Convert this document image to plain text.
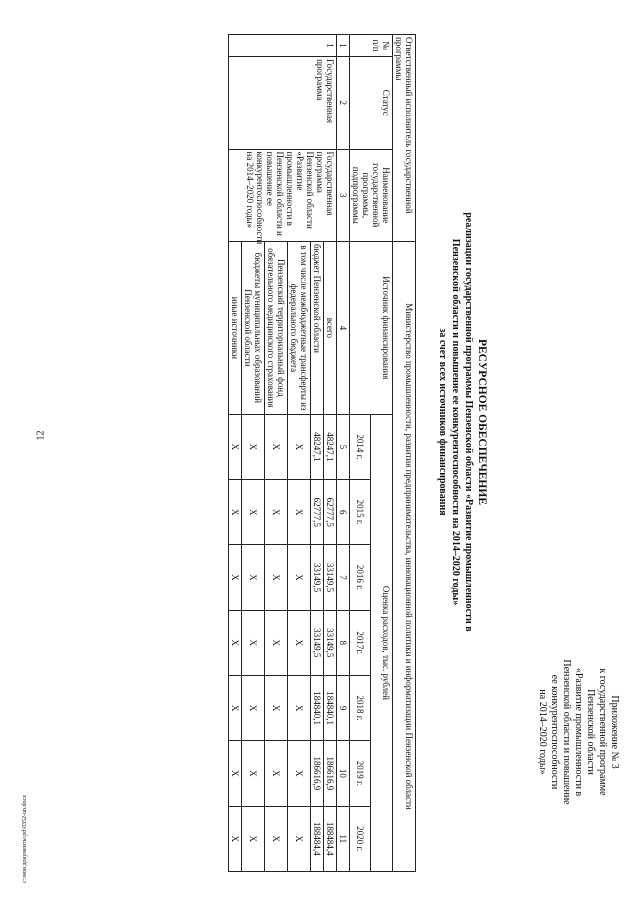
12
c:\мои документы\pd\0352-un.docx
Приложение № 3
к государственной программе
Пензенской области
«Развитие промышленности в
Пензенской области и повышение
ее конкурентоспособности
на 2014–2020 годы»
РЕСУРСНОЕ ОБЕСПЕЧЕНИЕ
реализации государственной программы Пензенской области «Развитие промышленности в
Пензенской области и повышение ее конкурентоспособности на 2014–2020 годы»
за счет всех источников финансирования
Ответственный исполнитель государственной программы			Министерство промышленности, развития предпринимательства, инновационной политики и информатизации Пензенской области							
№ п/п	Статус	Наименование государственной программы, подпрограммы	Источник финансирования	Оценка расходов, тыс. рублей						
				2014 г.	2015 г.	2016 г.	2017г.	2018 г.	2019 г.	2020 г.
1	2	3	4	5	6	7	8	9	10	11
1	Государственная программа	Государственная программа Пензенской области «Развитие промышленности в Пензенской области и повышение ее конкурентоспособности на 2014–2020 годы»	всего	48247,1	62777,5	33149,5	33149,5	184840,1	186616,9	188484,4
			бюджет Пензенской области	48247,1	62777,5	33149,5	33149,5	184840,1	186616,9	188484,4
			в том числе межбюджетные трансферты из федерального бюджета	X	X	X	X	X	X	X
			Пензенский территориальный фонд обязательного медицинского страхования	X	X	X	X	X	X	X
			бюджеты муниципальных образований Пензенской области	X	X	X	X	X	X	X
			иные источники	X	X	X	X	X	X	X
